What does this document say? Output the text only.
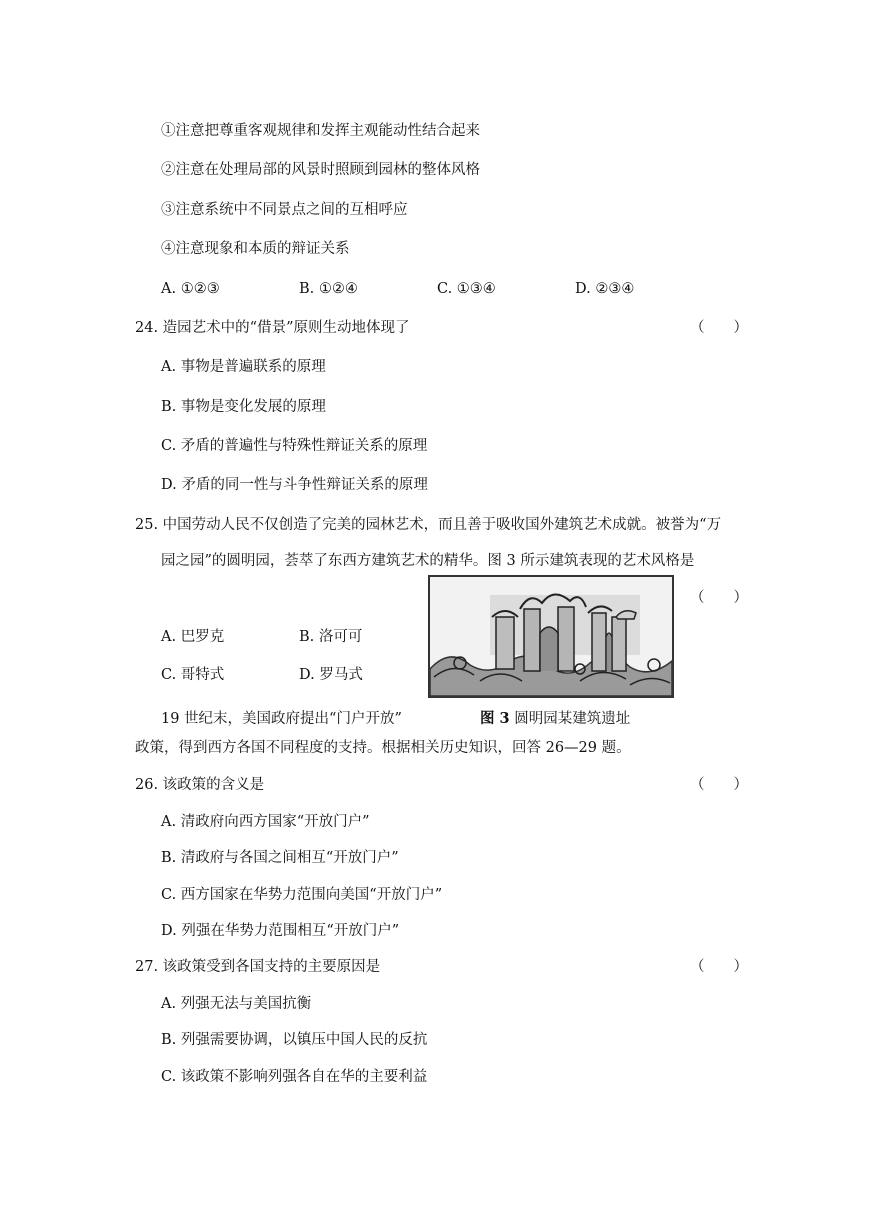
①注意把尊重客观规律和发挥主观能动性结合起来
②注意在处理局部的风景时照顾到园林的整体风格
③注意系统中不同景点之间的互相呼应
④注意现象和本质的辩证关系
A. ①②③	B. ①②④	C. ①③④	D. ②③④
24. 造园艺术中的“借景”原则生动地体现了	（　　）
A. 事物是普遍联系的原理
B. 事物是变化发展的原理
C. 矛盾的普遍性与特殊性辩证关系的原理
D. 矛盾的同一性与斗争性辩证关系的原理
25. 中国劳动人民不仅创造了完美的园林艺术，而且善于吸收国外建筑艺术成就。被誉为“万
园之园”的圆明园，荟萃了东西方建筑艺术的精华。图 3 所示建筑表现的艺术风格是
（　　）
A. 巴罗克	B. 洛可可
C. 哥特式	D. 罗马式
图 3 圆明园某建筑遗址
19 世纪末，美国政府提出“门户开放”
政策，得到西方各国不同程度的支持。根据相关历史知识，回答 26—29 题。
26. 该政策的含义是	（　　）
A. 清政府向西方国家“开放门户”
B. 清政府与各国之间相互“开放门户”
C. 西方国家在华势力范围向美国“开放门户”
D. 列强在华势力范围相互“开放门户”
27. 该政策受到各国支持的主要原因是	（　　）
A. 列强无法与美国抗衡
B. 列强需要协调，以镇压中国人民的反抗
C. 该政策不影响列强各自在华的主要利益
